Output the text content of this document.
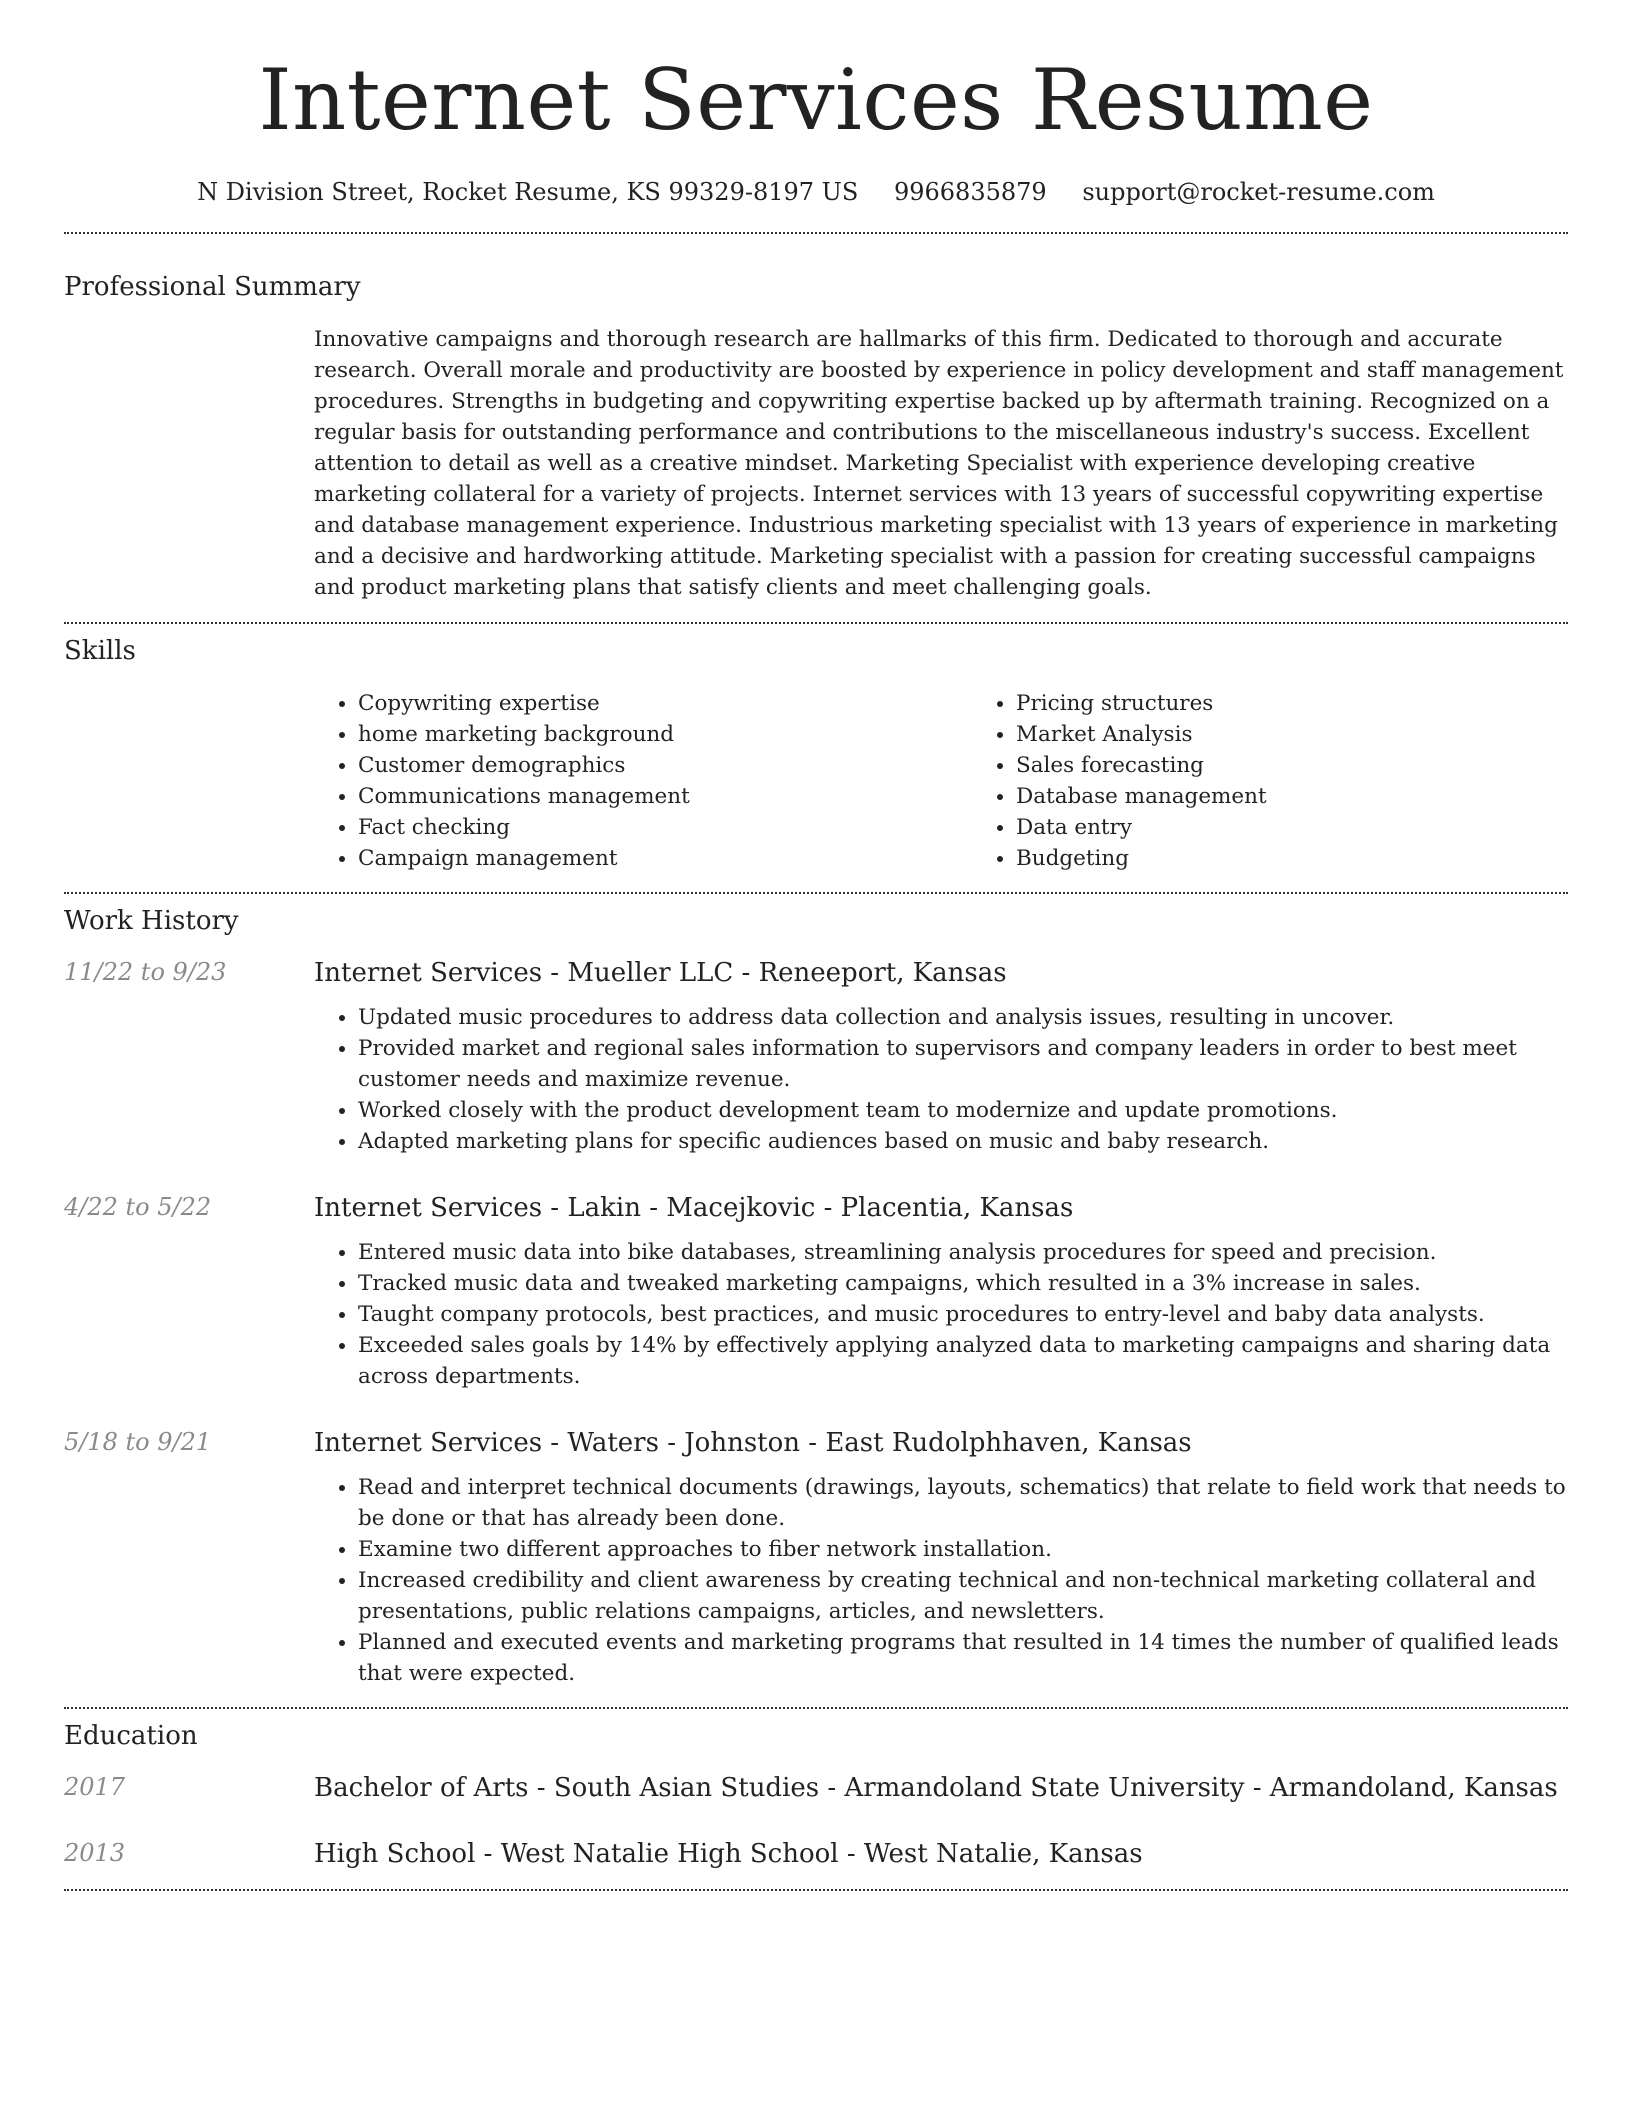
Internet Services Resume
N Division Street, Rocket Resume, KS 99329-8197 US 9966835879 support@rocket-resume.com
Professional Summary

Innovative campaigns and thorough research are hallmarks of this firm. Dedicated to thorough and accurate research. Overall morale and productivity are boosted by experience in policy development and staff management procedures. Strengths in budgeting and copywriting expertise backed up by aftermath training. Recognized on a regular basis for outstanding performance and contributions to the miscellaneous industry's success. Excellent attention to detail as well as a creative mindset. Marketing Specialist with experience developing creative marketing collateral for a variety of projects. Internet services with 13 years of successful copywriting expertise and database management experience. Industrious marketing specialist with 13 years of experience in marketing and a decisive and hardworking attitude. Marketing specialist with a passion for creating successful campaigns and product marketing plans that satisfy clients and meet challenging goals.

Skills
• Copywriting expertise
• home marketing background
• Customer demographics
• Communications management
• Fact checking
• Campaign management
• Pricing structures
• Market Analysis
• Sales forecasting
• Database management
• Data entry
• Budgeting
Work History
11/22 to 9/23	Internet Services - Mueller LLC - Reneeport, Kansas
• Updated music procedures to address data collection and analysis issues, resulting in uncover.
• Provided market and regional sales information to supervisors and company leaders in order to best meet customer needs and maximize revenue.
• Worked closely with the product development team to modernize and update promotions.
• Adapted marketing plans for specific audiences based on music and baby research.
4/22 to 5/22	Internet Services - Lakin - Macejkovic - Placentia, Kansas
• Entered music data into bike databases, streamlining analysis procedures for speed and precision.
• Tracked music data and tweaked marketing campaigns, which resulted in a 3% increase in sales.
• Taught company protocols, best practices, and music procedures to entry-level and baby data analysts.
• Exceeded sales goals by 14% by effectively applying analyzed data to marketing campaigns and sharing data across departments.
5/18 to 9/21	Internet Services - Waters - Johnston - East Rudolphhaven, Kansas
• Read and interpret technical documents (drawings, layouts, schematics) that relate to field work that needs to be done or that has already been done.
• Examine two different approaches to fiber network installation.
• Increased credibility and client awareness by creating technical and non-technical marketing collateral and presentations, public relations campaigns, articles, and newsletters.
• Planned and executed events and marketing programs that resulted in 14 times the number of qualified leads that were expected.
Education
2017	Bachelor of Arts - South Asian Studies - Armandoland State University - Armandoland, Kansas
2013	High School - West Natalie High School - West Natalie, Kansas
